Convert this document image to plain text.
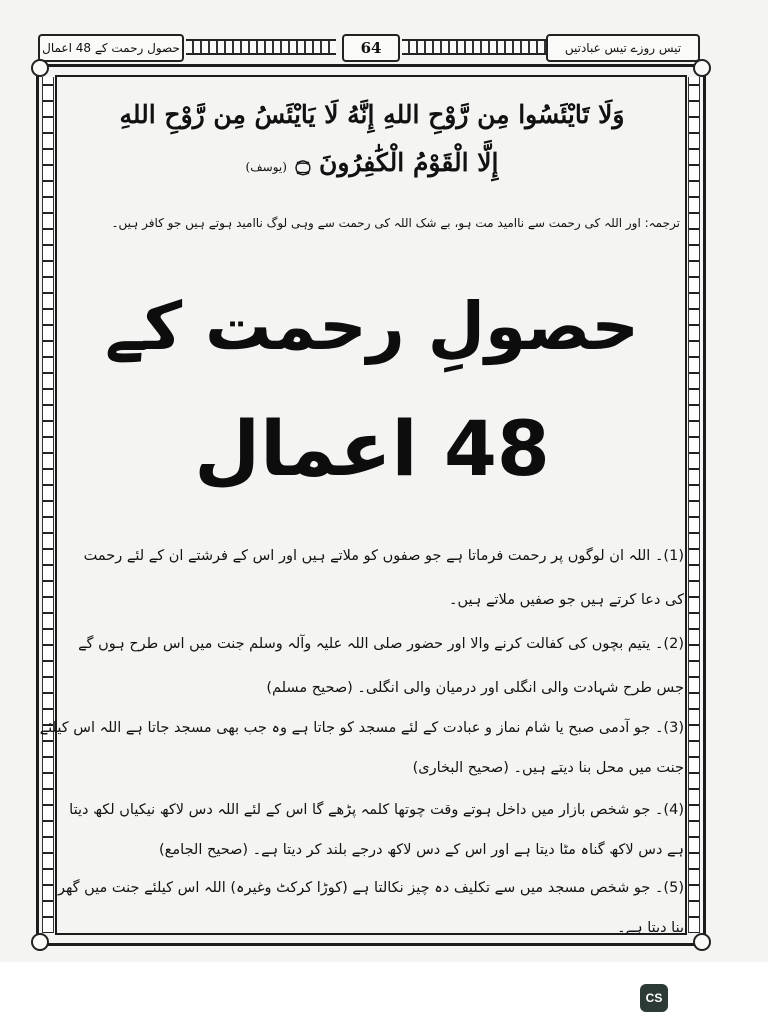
تیس روزے تیس عبادتیں
64
حصول رحمت کے 48 اعمال
وَلَا تَايْئَسُوا مِن رَّوْحِ اللهِ إِنَّهُ لَا يَايْئَسُ مِن رَّوْحِ اللهِ
إِلَّا الْقَوْمُ الْكَٰفِرُونَ ۝ (یوسف)
ترجمہ: اور اللہ کی رحمت سے ناامید مت ہو، بے شک اللہ کی رحمت سے وہی لوگ ناامید ہوتے ہیں جو کافر ہیں۔
حصولِ رحمت کے
48 اعمال
(1)۔ اللہ ان لوگوں پر رحمت فرماتا ہے جو صفوں کو ملاتے ہیں اور اس کے فرشتے ان کے لئے رحمت
کی دعا کرتے ہیں جو صفیں ملاتے ہیں۔
(2)۔ یتیم بچوں کی کفالت کرنے والا اور حضور صلی اللہ علیہ وآلہ وسلم جنت میں اس طرح ہوں گے
جس طرح شہادت والی انگلی اور درمیان والی انگلی۔ (صحیح مسلم)
(3)۔ جو آدمی صبح یا شام نماز و عبادت کے لئے مسجد کو جاتا ہے وہ جب بھی مسجد جاتا ہے اللہ اس کیلئے
جنت میں محل بنا دیتے ہیں۔ (صحیح البخاری)
(4)۔ جو شخص بازار میں داخل ہوتے وقت چوتھا کلمہ پڑھے گا اس کے لئے اللہ دس لاکھ نیکیاں لکھ دیتا
ہے دس لاکھ گناہ مٹا دیتا ہے اور اس کے دس لاکھ درجے بلند کر دیتا ہے۔ (صحیح الجامع)
(5)۔ جو شخص مسجد میں سے تکلیف دہ چیز نکالتا ہے (کوڑا کرکٹ وغیرہ) اللہ اس کیلئے جنت میں گھر
بنا دیتا ہے۔
CS
